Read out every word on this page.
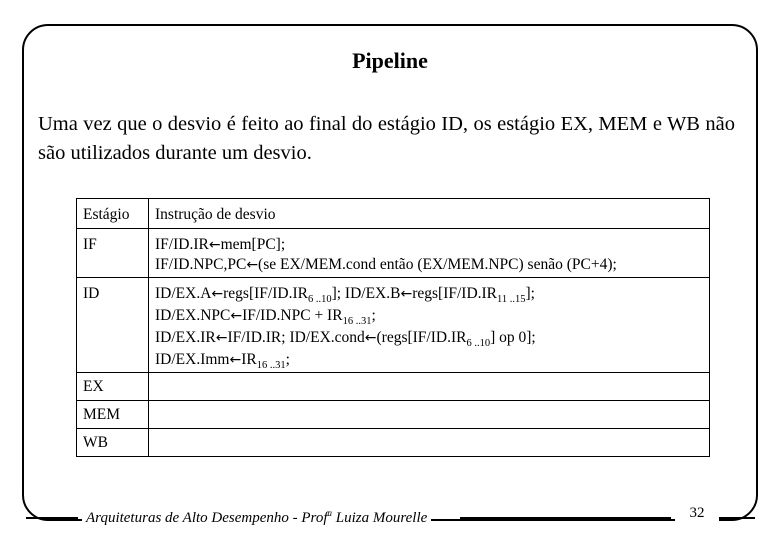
Pipeline
Uma vez que o desvio é feito ao final do estágio ID, os estágio EX, MEM e WB não são utilizados durante um desvio.
Estágio	Instrução de desvio
IF	IF/ID.IR←mem[PC];
IF/ID.NPC,PC←(se EX/MEM.cond então (EX/MEM.NPC) senão (PC+4);

ID	$ID/EX.A\leftarrow regs[IF/ID.IR_{6 ..10}]$; $ID/EX.B\leftarrow regs[IF/ID.IR_{11 ..15}]$;
ID/EX.NPC←IF/ID.NPC + $IR_{16 ..31}$;
ID/EX.IR←IF/ID.IR; $ID/EX.cond\leftarrow(regs[IF/ID.IR_{6 ..10}]$ op 0];
$ID/EX.Imm\leftarrow IR_{16 ..31}$;

EX	
MEM	
WB	
Arquiteturas de Alto Desempenho - Prof$^a$ Luiza Mourelle	32
